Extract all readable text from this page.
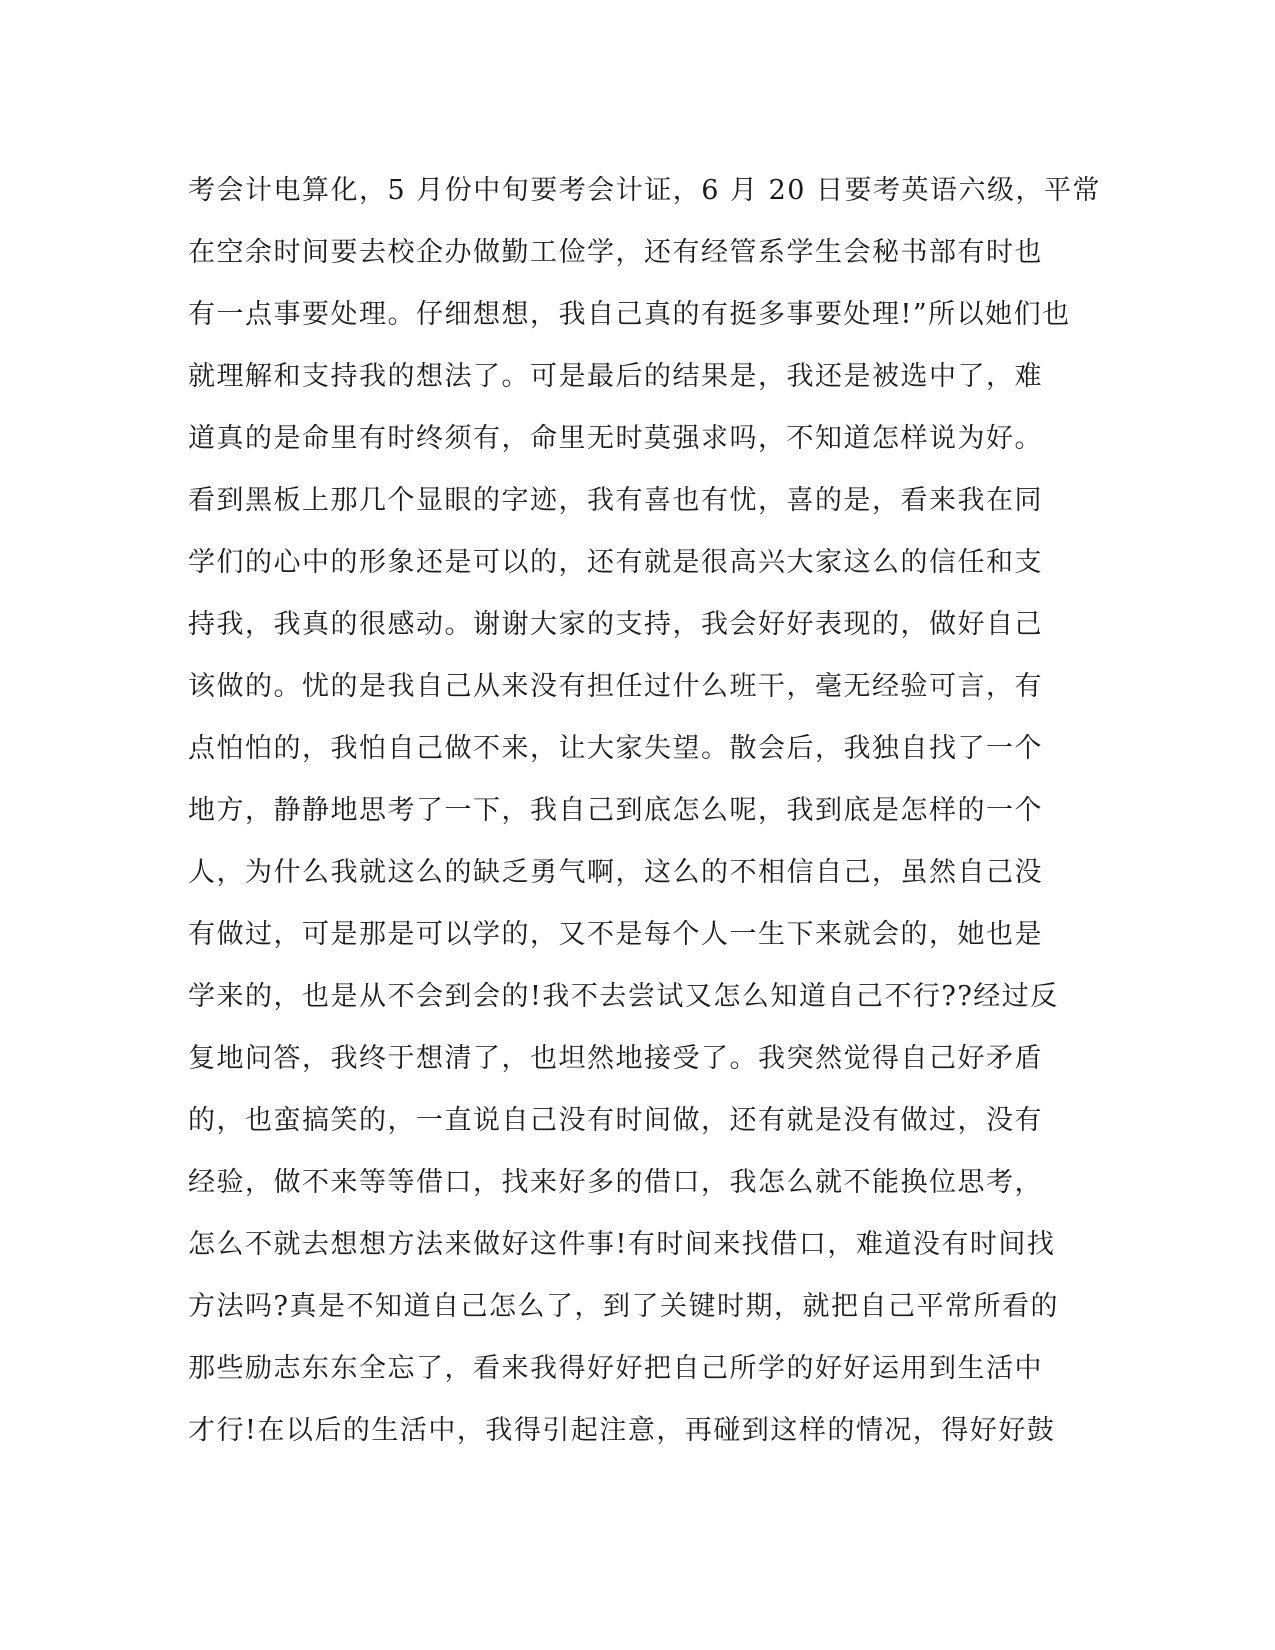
考会计电算化，5 月份中旬要考会计证，6 月 20 日要考英语六级，平常
在空余时间要去校企办做勤工俭学，还有经管系学生会秘书部有时也
有一点事要处理。仔细想想，我自己真的有挺多事要处理!”所以她们也
就理解和支持我的想法了。可是最后的结果是，我还是被选中了，难
道真的是命里有时终须有，命里无时莫强求吗，不知道怎样说为好。
看到黑板上那几个显眼的字迹，我有喜也有忧，喜的是，看来我在同
学们的心中的形象还是可以的，还有就是很高兴大家这么的信任和支
持我，我真的很感动。谢谢大家的支持，我会好好表现的，做好自己
该做的。忧的是我自己从来没有担任过什么班干，毫无经验可言，有
点怕怕的，我怕自己做不来，让大家失望。散会后，我独自找了一个
地方，静静地思考了一下，我自己到底怎么呢，我到底是怎样的一个
人，为什么我就这么的缺乏勇气啊，这么的不相信自己，虽然自己没
有做过，可是那是可以学的，又不是每个人一生下来就会的，她也是
学来的，也是从不会到会的!我不去尝试又怎么知道自己不行??经过反
复地问答，我终于想清了，也坦然地接受了。我突然觉得自己好矛盾
的，也蛮搞笑的，一直说自己没有时间做，还有就是没有做过，没有
经验，做不来等等借口，找来好多的借口，我怎么就不能换位思考，
怎么不就去想想方法来做好这件事!有时间来找借口，难道没有时间找
方法吗?真是不知道自己怎么了，到了关键时期，就把自己平常所看的
那些励志东东全忘了，看来我得好好把自己所学的好好运用到生活中
才行!在以后的生活中，我得引起注意，再碰到这样的情况，得好好鼓
